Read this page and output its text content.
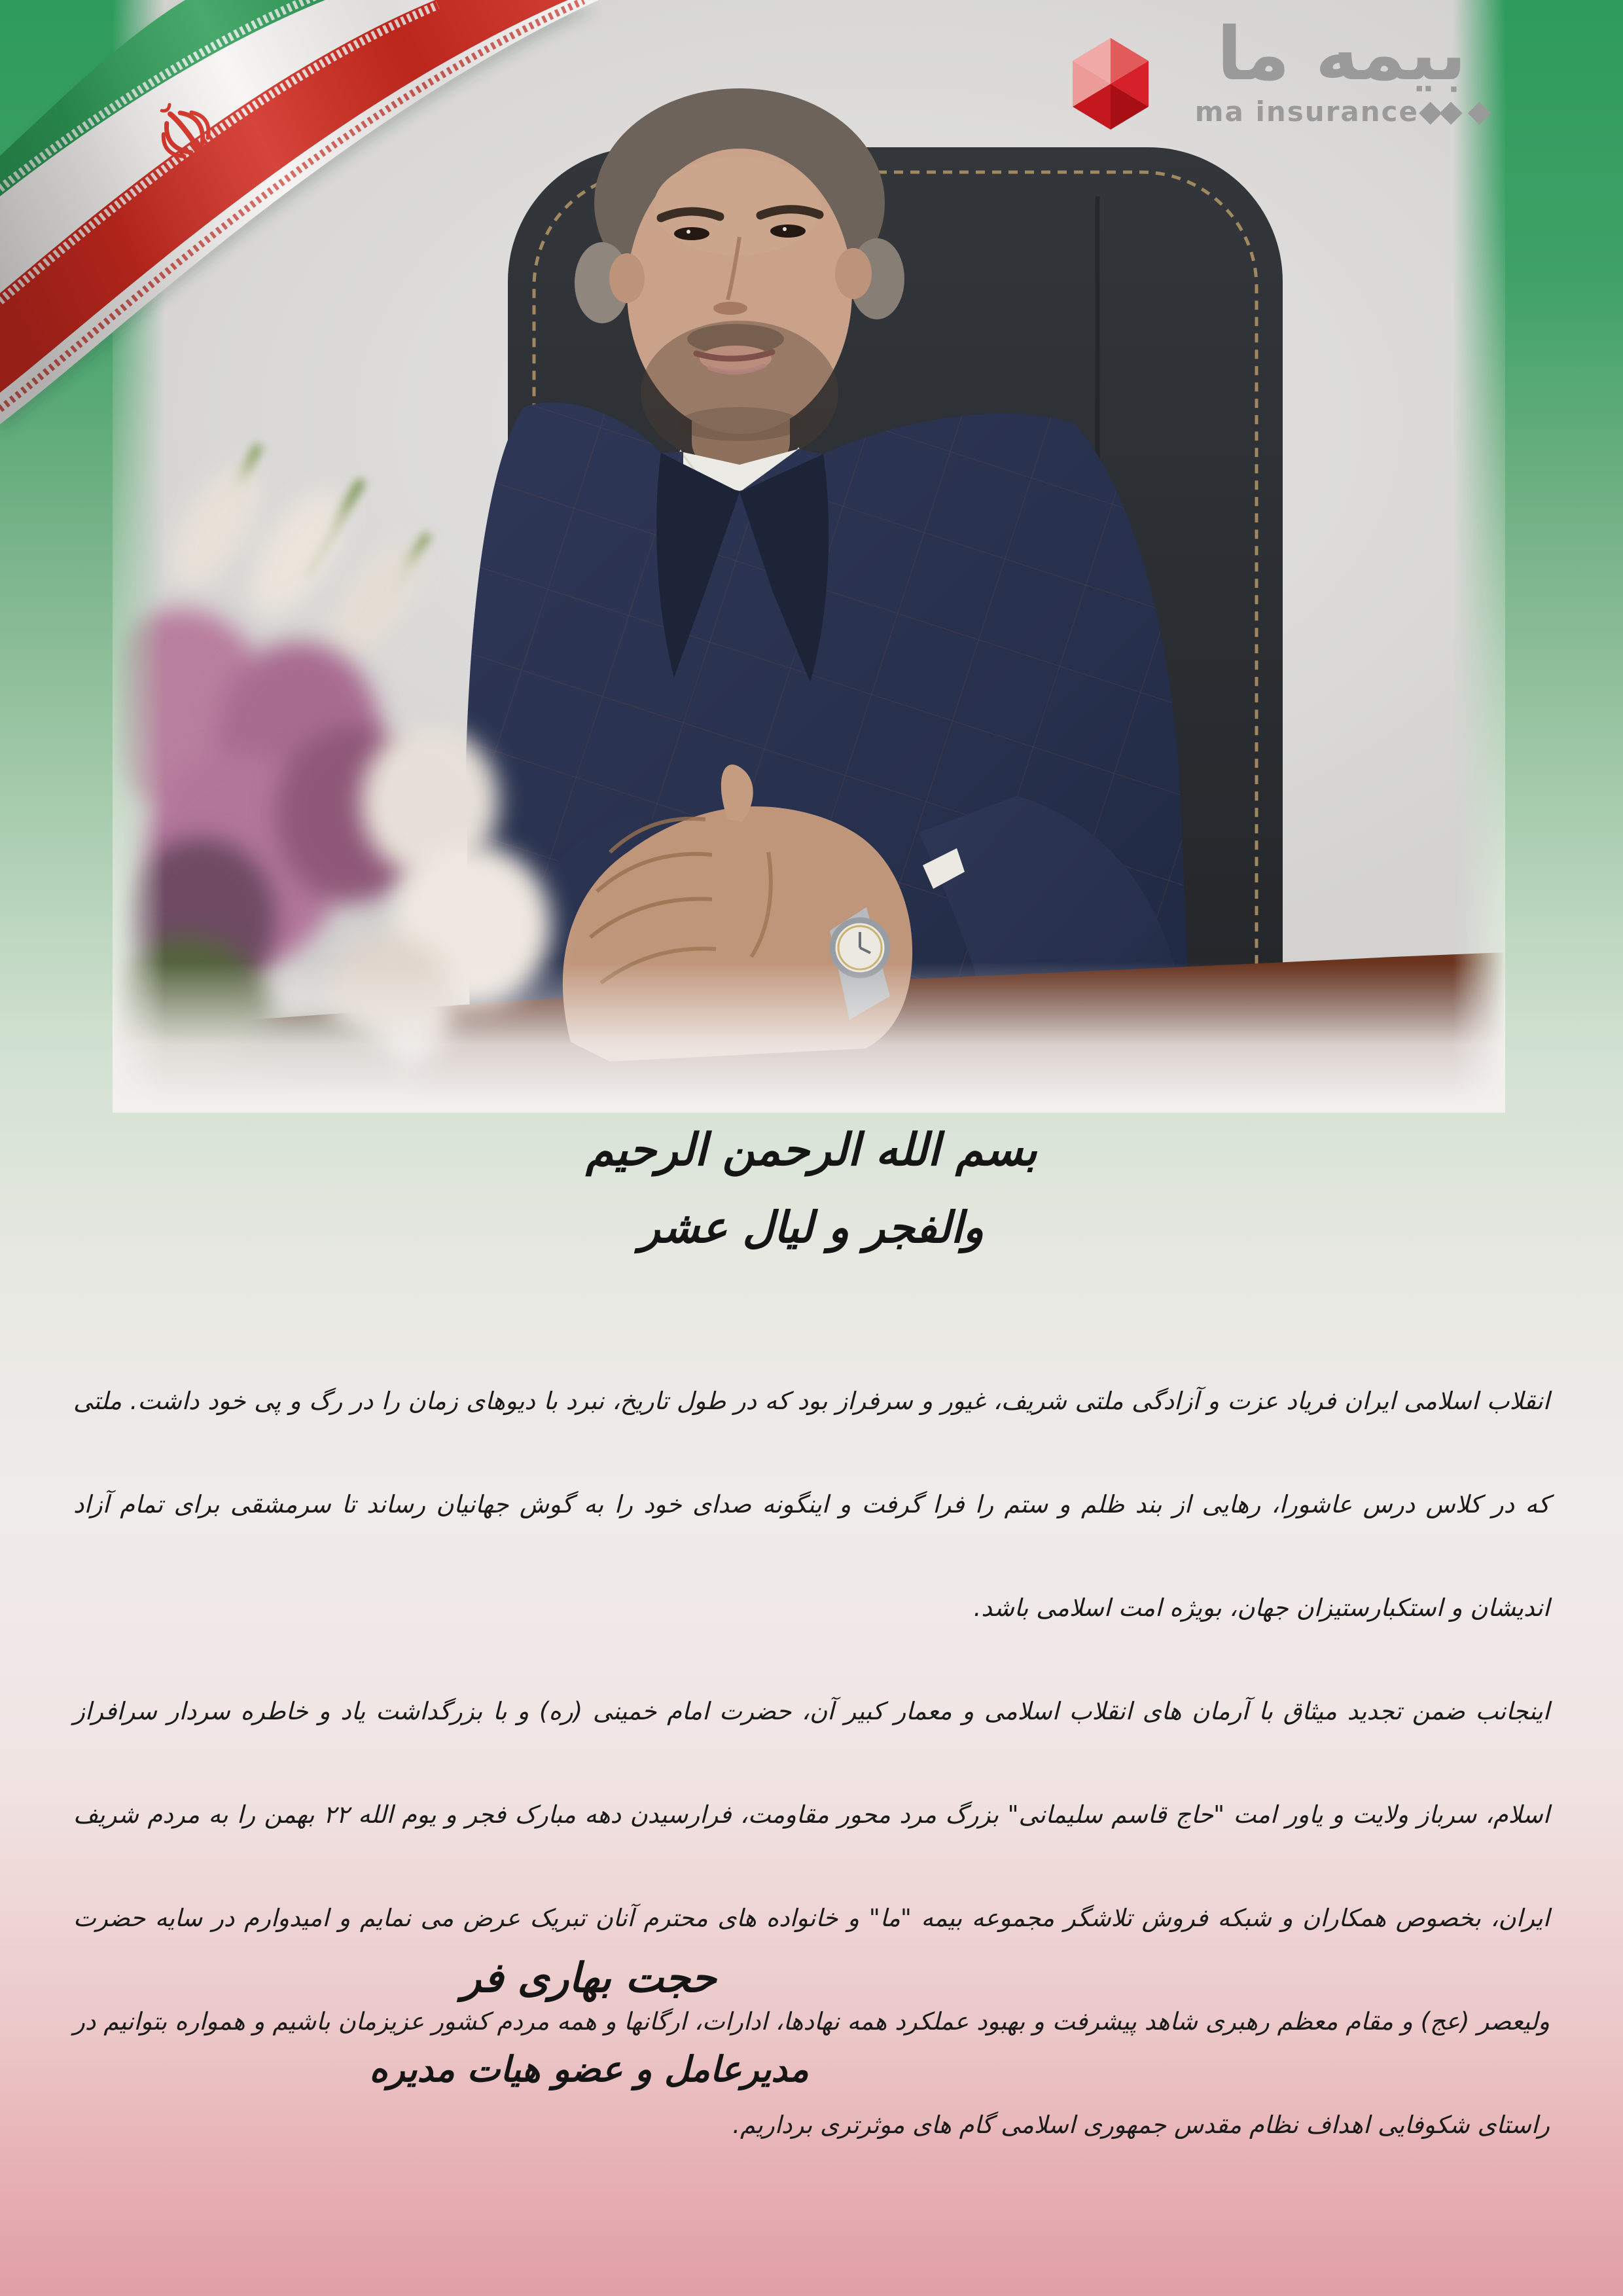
بیمه ما
ma insurance◆◆ ◆
بسم الله الرحمن الرحیم
والفجر و لیال عشر

انقلاب اسلامی ایران فریاد عزت و آزادگی ملتی شریف، غیور و سرفراز بود که در طول تاریخ، نبرد با دیوهای زمان را در رگ و پی خود داشت. ملتی که در کلاس درس عاشورا، رهایی از بند ظلم و ستم را فرا گرفت و اینگونه صدای خود را به گوش جهانیان رساند تا سرمشقی برای تمام آزاد اندیشان و استکبارستیزان جهان، بویژه امت اسلامی باشد.

اینجانب ضمن تجدید میثاق با آرمان های انقلاب اسلامی و معمار کبیر آن، حضرت امام خمینی (ره) و با بزرگداشت یاد و خاطره سردار سرافراز اسلام، سرباز ولایت و یاور امت "حاج قاسم سلیمانی" بزرگ مرد محور مقاومت، فرارسیدن دهه مبارک فجر و یوم الله ۲۲ بهمن را به مردم شریف ایران، بخصوص همکاران و شبکه فروش تلاشگر مجموعه بیمه "ما" و خانواده های محترم آنان تبریک عرض می نمایم و امیدوارم در سایه حضرت ولیعصر (عج) و مقام معظم رهبری شاهد پیشرفت و بهبود عملکرد همه نهادها، ادارات، ارگانها و همه مردم کشور عزیزمان باشیم و همواره بتوانیم در راستای شکوفایی اهداف نظام مقدس جمهوری اسلامی گام های موثرتری برداریم.

حجت بهاری فر
مدیرعامل و عضو هیات مدیره
